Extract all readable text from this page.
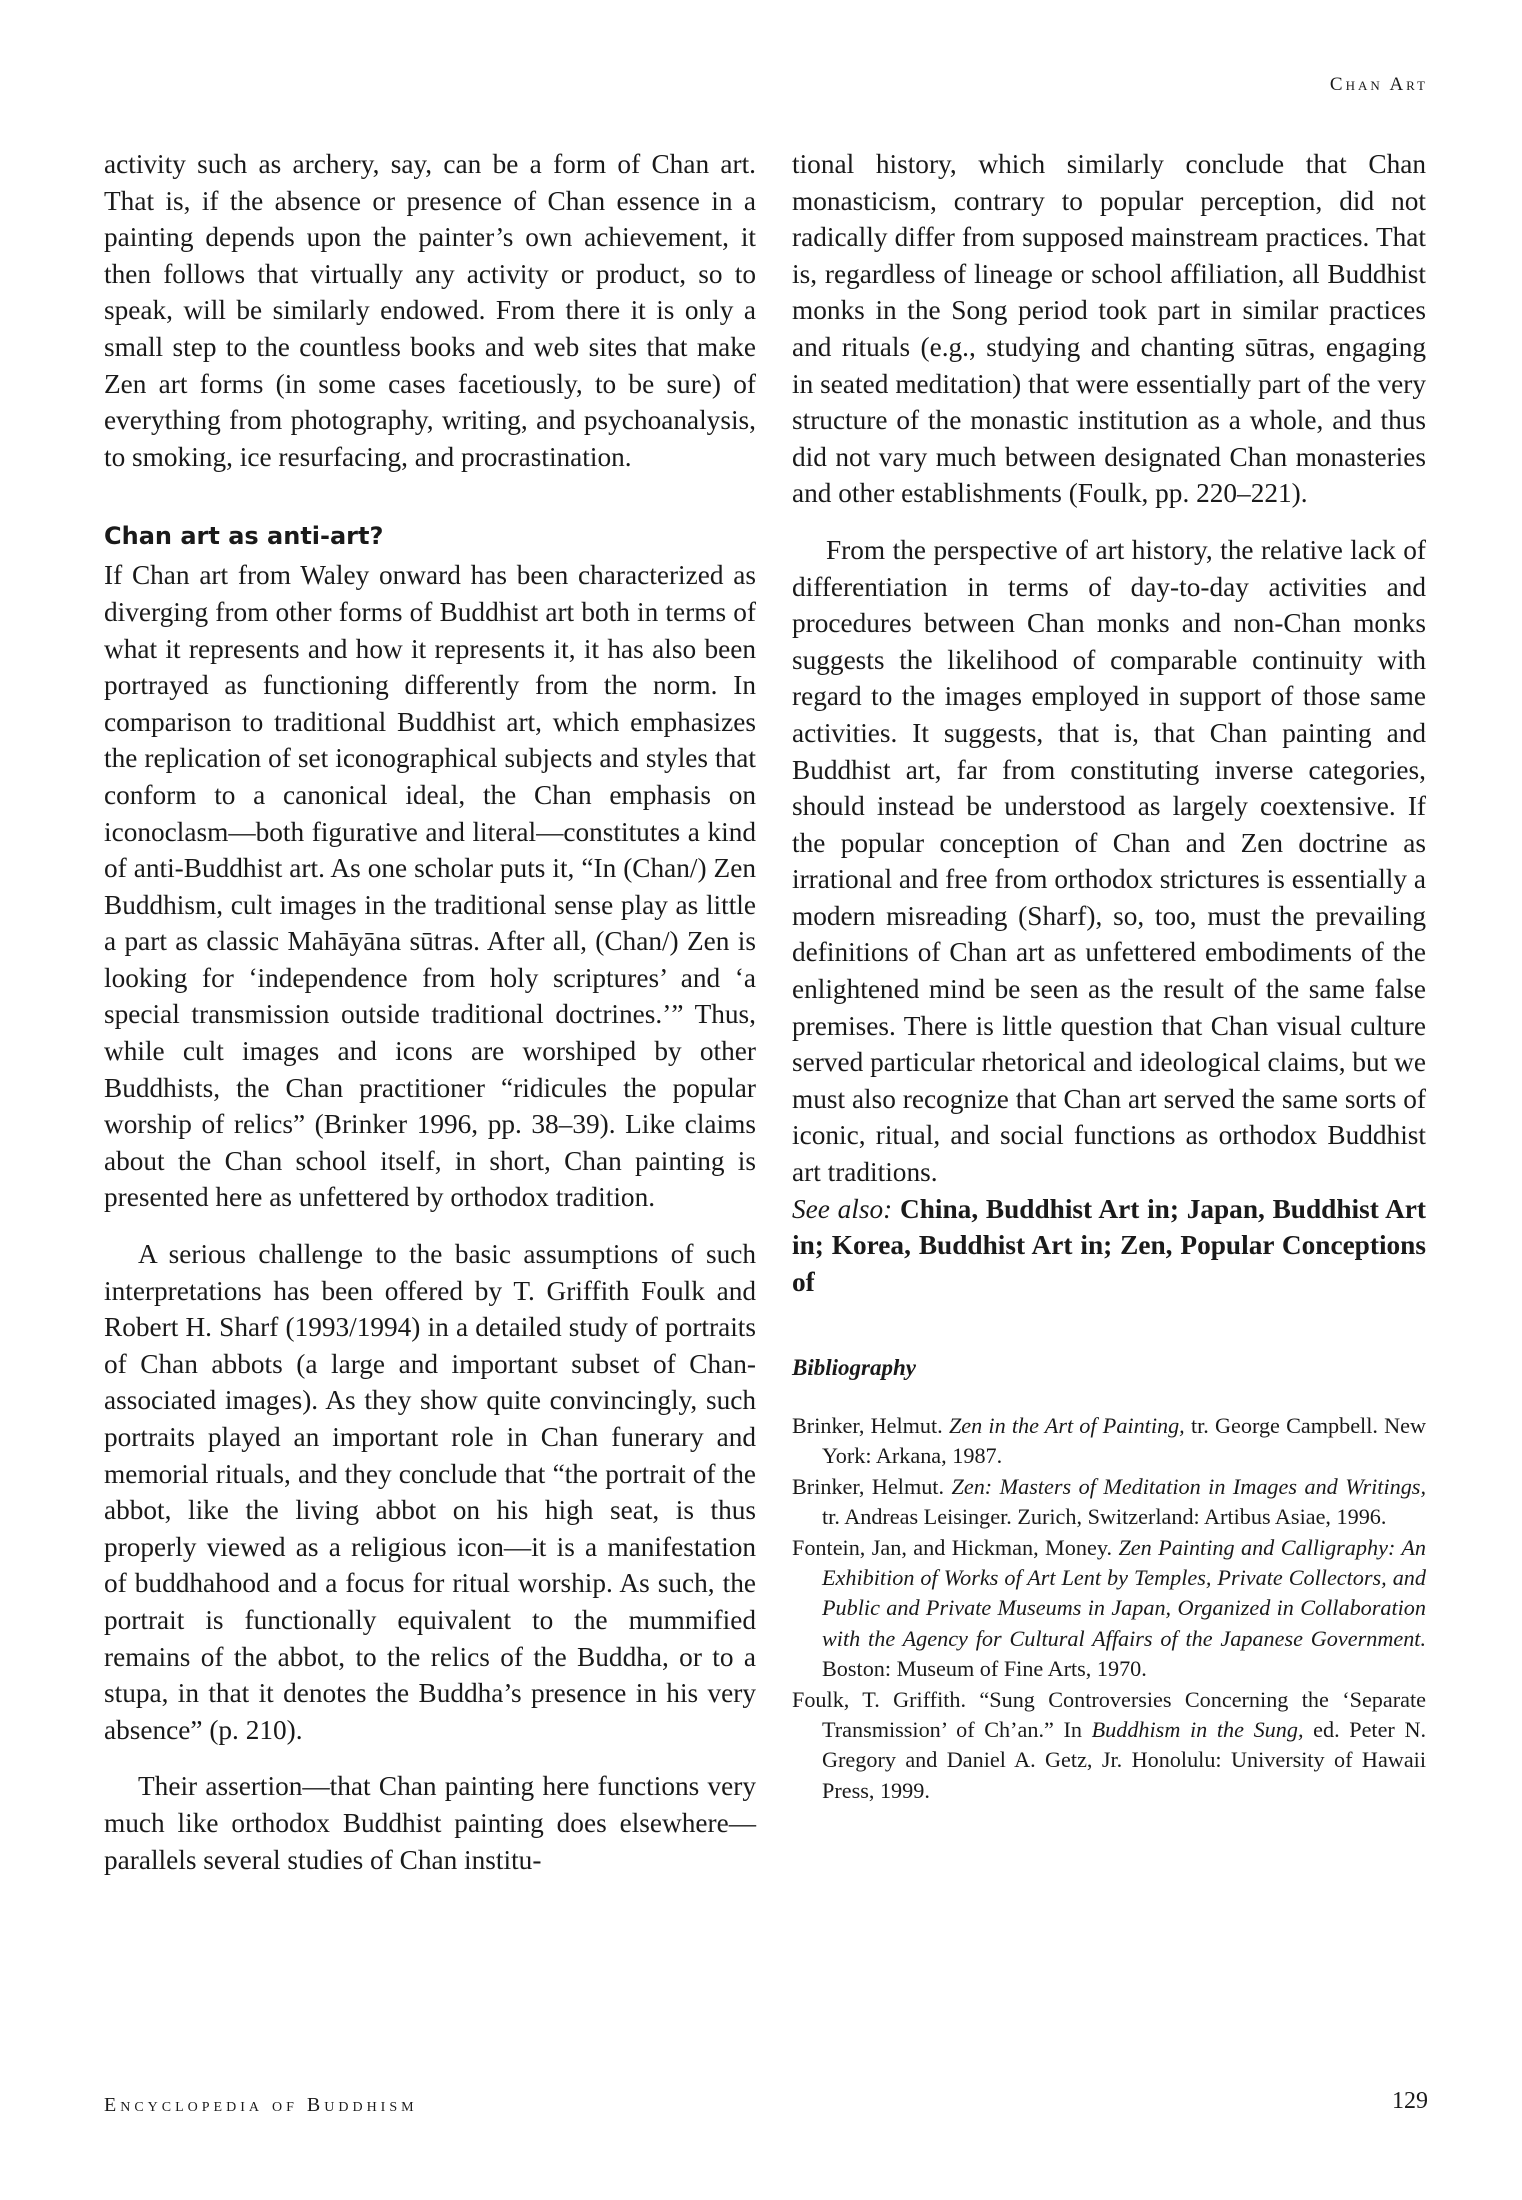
Chan Art

activity such as archery, say, can be a form of Chan art. That is, if the absence or presence of Chan essence in a painting depends upon the painter’s own achievement, it then follows that virtually any activity or product, so to speak, will be similarly endowed. From there it is only a small step to the countless books and web sites that make Zen art forms (in some cases facetiously, to be sure) of everything from photography, writing, and psychoanalysis, to smoking, ice resurfacing, and procrastination.

Chan art as anti-art?

If Chan art from Waley onward has been characterized as diverging from other forms of Buddhist art both in terms of what it represents and how it represents it, it has also been portrayed as functioning differently from the norm. In comparison to traditional Buddhist art, which emphasizes the replication of set iconographical subjects and styles that conform to a canonical ideal, the Chan emphasis on iconoclasm—both figurative and literal—constitutes a kind of anti-Buddhist art. As one scholar puts it, “In (Chan/) Zen Buddhism, cult images in the traditional sense play as little a part as classic Mahāyāna sūtras. After all, (Chan/) Zen is looking for ‘independence from holy scriptures’ and ‘a special transmission outside traditional doctrines.’” Thus, while cult images and icons are worshiped by other Buddhists, the Chan practitioner “ridicules the popular worship of relics” (Brinker 1996, pp. 38–39). Like claims about the Chan school itself, in short, Chan painting is presented here as unfettered by orthodox tradition.

A serious challenge to the basic assumptions of such interpretations has been offered by T. Griffith Foulk and Robert H. Sharf (1993/1994) in a detailed study of portraits of Chan abbots (a large and important subset of Chan-associated images). As they show quite convincingly, such portraits played an important role in Chan funerary and memorial rituals, and they conclude that “the portrait of the abbot, like the living abbot on his high seat, is thus properly viewed as a religious icon—it is a manifestation of buddhahood and a focus for ritual worship. As such, the portrait is functionally equivalent to the mummified remains of the abbot, to the relics of the Buddha, or to a stupa, in that it denotes the Buddha’s presence in his very absence” (p. 210).

Their assertion—that Chan painting here functions very much like orthodox Buddhist painting does elsewhere—parallels several studies of Chan institu-

tional history, which similarly conclude that Chan monasticism, contrary to popular perception, did not radically differ from supposed mainstream practices. That is, regardless of lineage or school affiliation, all Buddhist monks in the Song period took part in similar practices and rituals (e.g., studying and chanting sūtras, engaging in seated meditation) that were essentially part of the very structure of the monastic institution as a whole, and thus did not vary much between designated Chan monasteries and other establishments (Foulk, pp. 220–221).

From the perspective of art history, the relative lack of differentiation in terms of day-to-day activities and procedures between Chan monks and non-Chan monks suggests the likelihood of comparable continuity with regard to the images employed in support of those same activities. It suggests, that is, that Chan painting and Buddhist art, far from constituting inverse categories, should instead be understood as largely coextensive. If the popular conception of Chan and Zen doctrine as irrational and free from orthodox strictures is essentially a modern misreading (Sharf), so, too, must the prevailing definitions of Chan art as unfettered embodiments of the enlightened mind be seen as the result of the same false premises. There is little question that Chan visual culture served particular rhetorical and ideological claims, but we must also recognize that Chan art served the same sorts of iconic, ritual, and social functions as orthodox Buddhist art traditions.

See also: China, Buddhist Art in; Japan, Buddhist Art in; Korea, Buddhist Art in; Zen, Popular Conceptions of

Bibliography

Brinker, Helmut. Zen in the Art of Painting, tr. George Campbell. New York: Arkana, 1987.

Brinker, Helmut. Zen: Masters of Meditation in Images and Writings, tr. Andreas Leisinger. Zurich, Switzerland: Artibus Asiae, 1996.

Fontein, Jan, and Hickman, Money. Zen Painting and Calligraphy: An Exhibition of Works of Art Lent by Temples, Private Collectors, and Public and Private Museums in Japan, Organized in Collaboration with the Agency for Cultural Affairs of the Japanese Government. Boston: Museum of Fine Arts, 1970.

Foulk, T. Griffith. “Sung Controversies Concerning the ‘Separate Transmission’ of Ch’an.” In Buddhism in the Sung, ed. Peter N. Gregory and Daniel A. Getz, Jr. Honolulu: University of Hawaii Press, 1999.

Encyclopedia of Buddhism	129
